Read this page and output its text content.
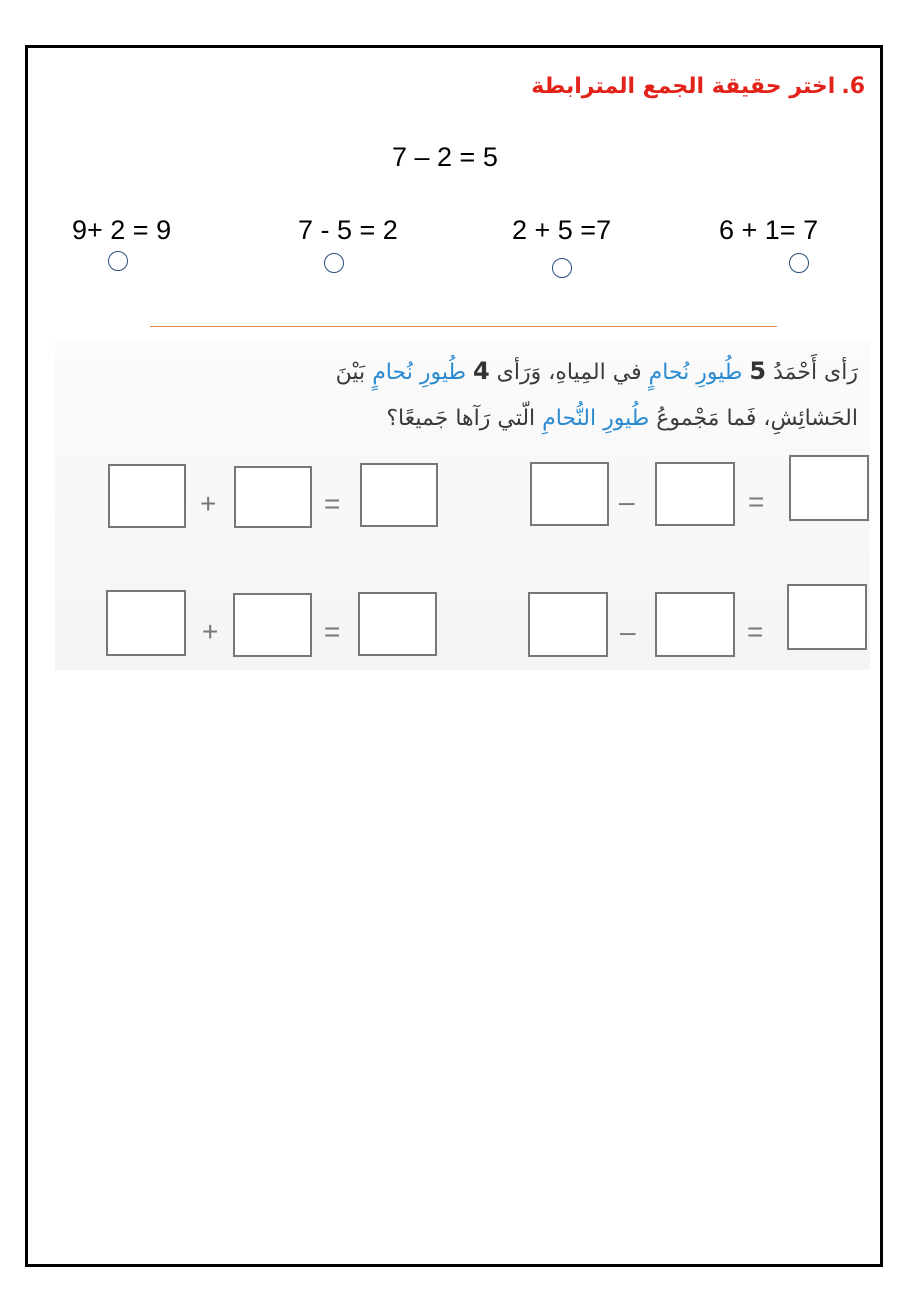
6.اختر حقيقة الجمع المترابطة
7 – 2 = 5
9+ 2 = 9	7 - 5 = 2	2 + 5 =7	6 + 1= 7
رَأى أَحْمَدُ 5 طُيورِ نُحامٍ في المِياهِ، وَرَأى 4 طُيورِ نُحامٍ بَيْنَ
الحَشائِشِ، فَما مَجْموعُ طُيورِ النُّحامِ الّتي رَآها جَميعًا؟
+	=	–	=
+	=	–	=
